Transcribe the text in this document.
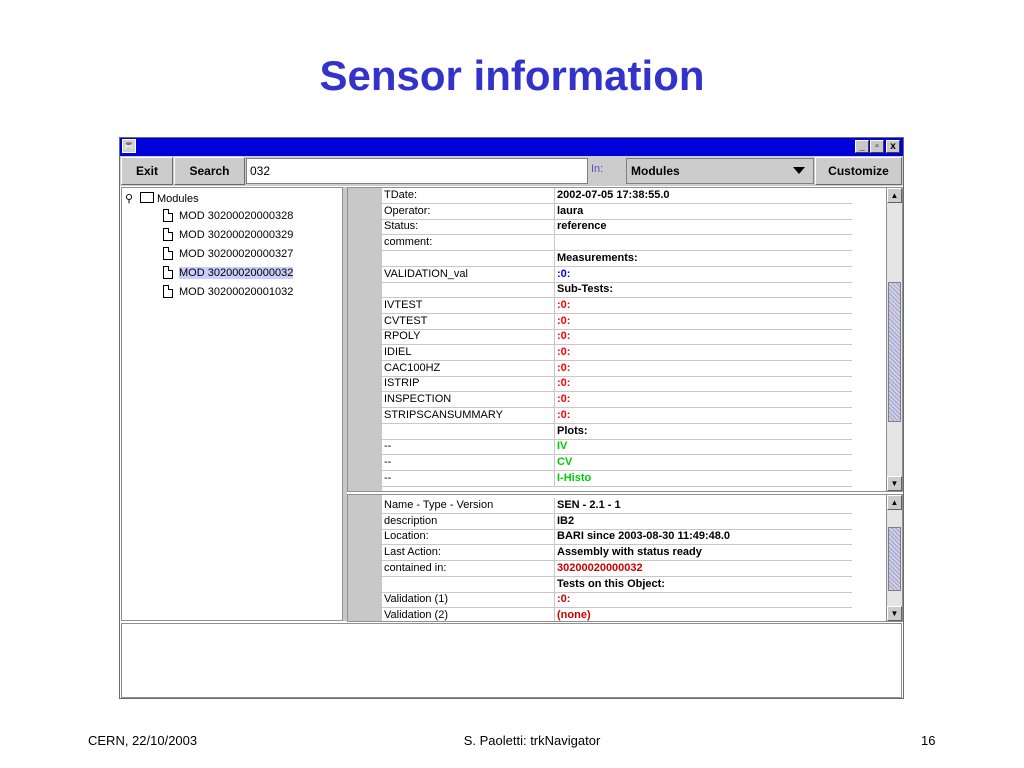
Sensor information
☕	_	▫	x
Exit	Search	032	In:	Modules	Customize
⚲ Modules
MOD 30200020000328
MOD 30200020000329
MOD 30200020000327
MOD 30200020000032
MOD 30200020001032
TDate:	2002-07-05 17:38:55.0
Operator:	laura
Status:	reference
comment:
Measurements:
VALIDATION_val	:0:
Sub-Tests:
IVTEST	:0:
CVTEST	:0:
RPOLY	:0:
IDIEL	:0:
CAC100HZ	:0:
ISTRIP	:0:
INSPECTION	:0:
STRIPSCANSUMMARY	:0:
Plots:
--	IV
--	CV
--	I-Histo
▲
▼
Name - Type - Version	SEN - 2.1 - 1
description	IB2
Location:	BARI since 2003-08-30 11:49:48.0
Last Action:	Assembly with status ready
contained in:	30200020000032
Tests on this Object:
Validation (1)	:0:
Validation (2)	(none)
▲
▼
CERN, 22/10/2003	S. Paoletti: trkNavigator	16
